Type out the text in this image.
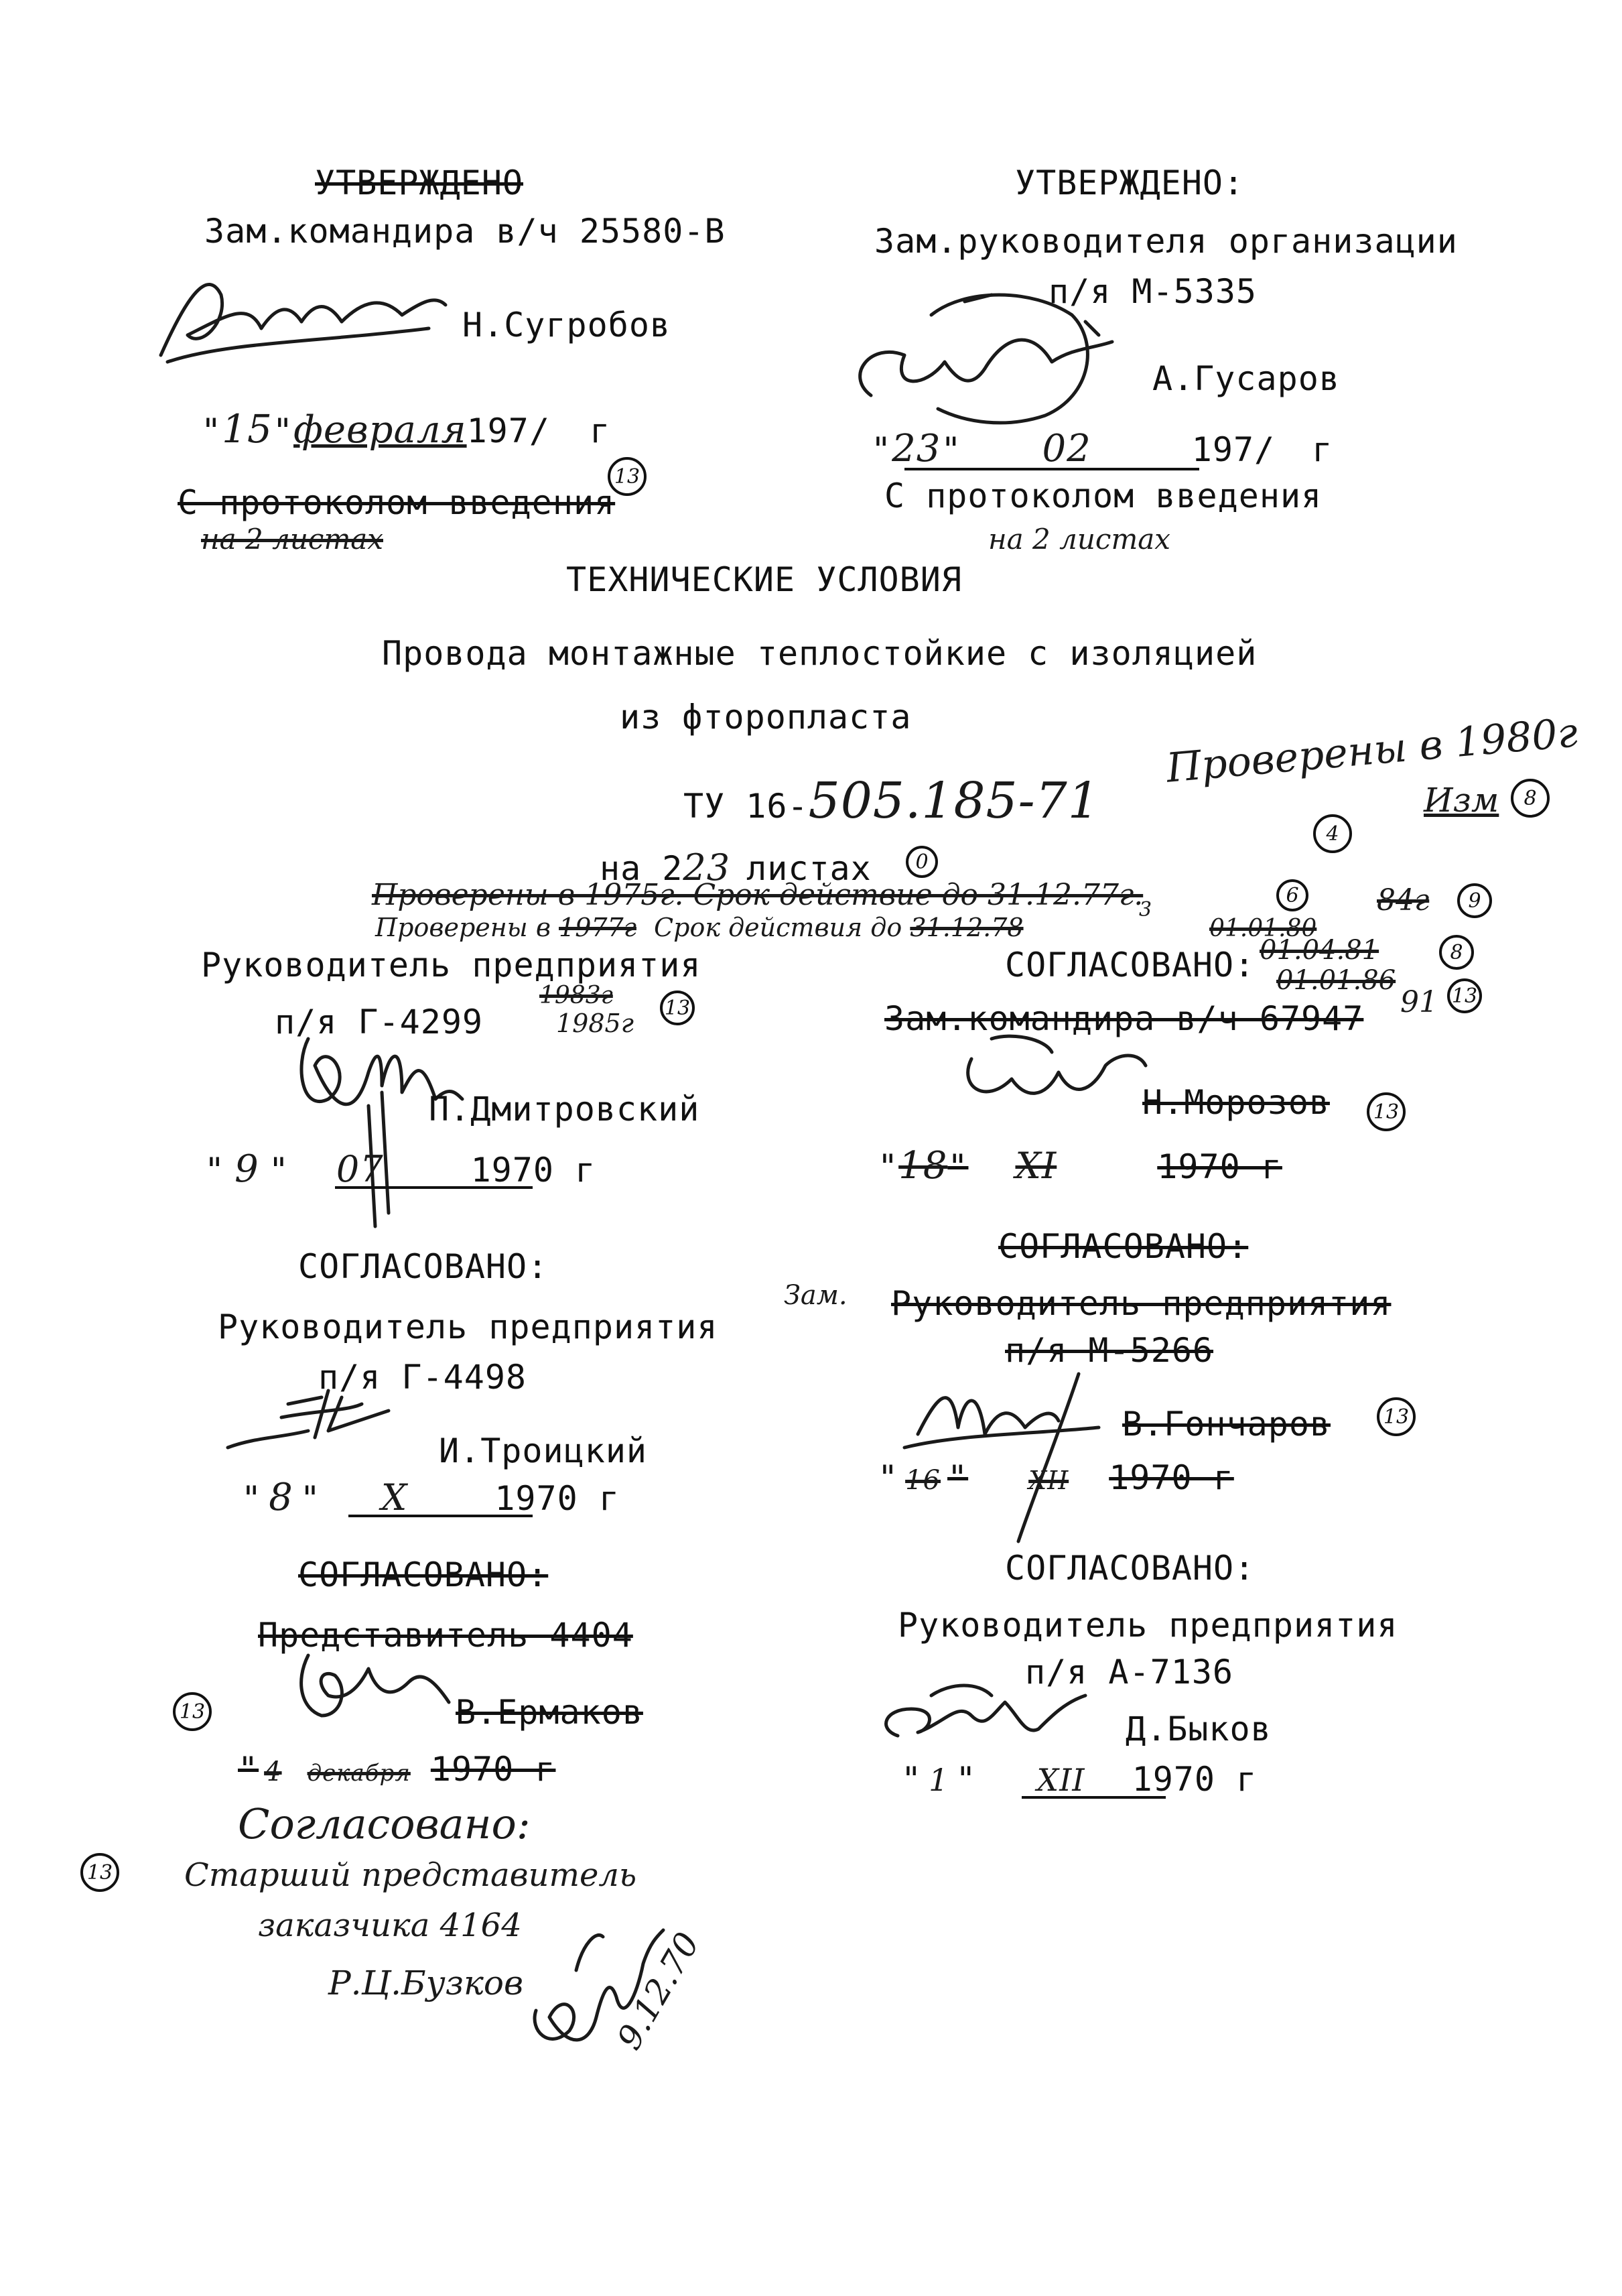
УТВЕРЖДЕНО
Зам.командира в/ч 25580-В
Н.Сугробов
"15"февраля197/ г
С протоколом введения
13
на 2 листах
УТВЕРЖДЕНО:
Зам.руководителя организации
п/я М-5335
А.Гусаров
"23" 02	197/ г
С протоколом введения
на 2 листах
ТЕХНИЧЕСКИЕ УСЛОВИЯ
Провода монтажные теплостойкие с изоляцией
из фторопласта
ТУ 16-505.185-71
Проверены в 1980г
Изм	8
4
на 223 листах	0
Проверены в 1975г. Срок действие до 31.12.77г.	6	84г	9
Проверены в 1977г Срок действия до 31.12.78
3
01.01.80
01.04.81	8
01.01.86
91 13
Руководитель предприятия
п/я Г-4299
1983г
1985г
13
П.Дмитровский
" 9 " 07	1970 г
СОГЛАСОВАНО:
Зам.командира в/ч 67947
Н.Морозов	13
"18" XI	1970 г
СОГЛАСОВАНО:
Руководитель предприятия
п/я Г-4498
И.Троицкий
" 8 " X	1970 г
СОГЛАСОВАНО:
Зам. Руководитель предприятия
п/я М-5266
В.Гончаров	13
" 16 " XII 1970 г
СОГЛАСОВАНО:
Представитель 4404
13	В.Ермаков
" 4 декабря 1970 г
СОГЛАСОВАНО:
Руководитель предприятия
п/я А-7136
Д.Быков
" 1 " XII 1970 г
Согласовано:
13 Старший представитель
заказчика 4164
Р.Ц.Бузков	9.12.70
